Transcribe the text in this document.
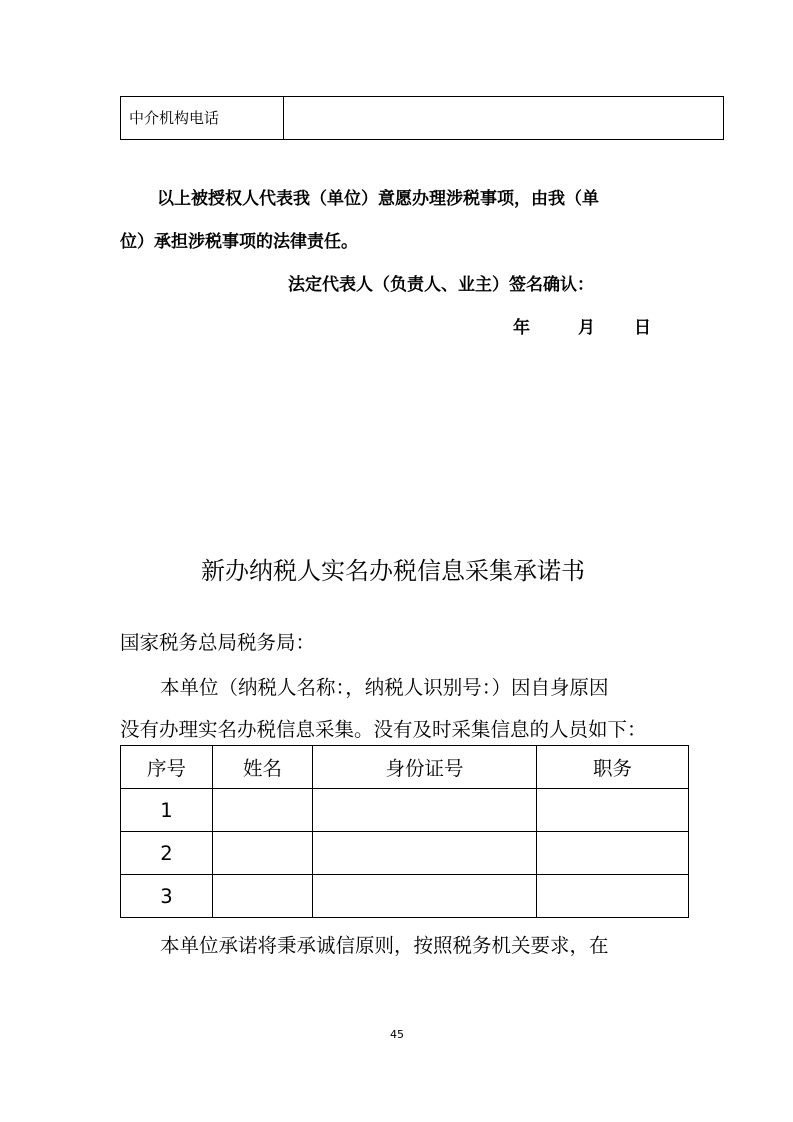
中介机构电话
以上被授权人代表我（单位）意愿办理涉税事项，由我（单
位）承担涉税事项的法律责任。
法定代表人（负责人、业主）签名确认：
年	月 日
新办纳税人实名办税信息采集承诺书
国家税务总局税务局：
本单位（纳税人名称：，纳税人识别号：）因自身原因
没有办理实名办税信息采集。没有及时采集信息的人员如下：
序号	姓名	身份证号	职务
1			
2			
3			
本单位承诺将秉承诚信原则，按照税务机关要求，在
45
